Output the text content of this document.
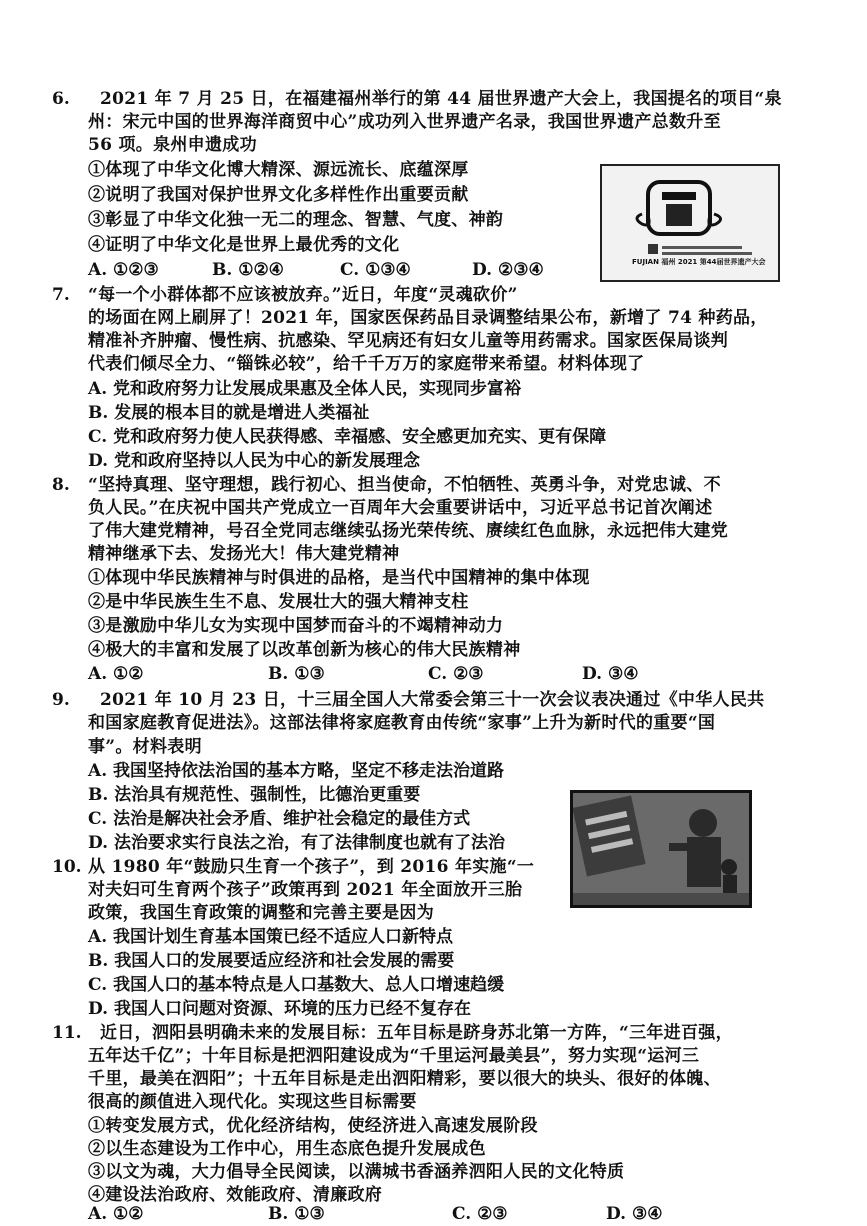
6. 2021 年 7 月 25 日，在福建福州举行的第 44 届世界遗产大会上，我国提名的项目“泉
州：宋元中国的世界海洋商贸中心”成功列入世界遗产名录，我国世界遗产总数升至
56 项。泉州申遗成功
①体现了中华文化博大精深、源远流长、底蕴深厚
②说明了我国对保护世界文化多样性作出重要贡献
③彰显了中华文化独一无二的理念、智慧、气度、神韵
④证明了中华文化是世界上最优秀的文化
A. ①②③	B. ①②④	C. ①③④	D. ②③④	FUJIAN 福州 2021 第44届世界遗产大会
7. “每一个小群体都不应该被放弃。”近日，年度“灵魂砍价”
的场面在网上刷屏了！2021 年，国家医保药品目录调整结果公布，新增了 74 种药品，
精准补齐肿瘤、慢性病、抗感染、罕见病还有妇女儿童等用药需求。国家医保局谈判
代表们倾尽全力、“锱铢必较”，给千千万万的家庭带来希望。材料体现了
A. 党和政府努力让发展成果惠及全体人民，实现同步富裕
B. 发展的根本目的就是增进人类福祉
C. 党和政府努力使人民获得感、幸福感、安全感更加充实、更有保障
D. 党和政府坚持以人民为中心的新发展理念
8. “坚持真理、坚守理想，践行初心、担当使命，不怕牺牲、英勇斗争，对党忠诚、不
负人民。”在庆祝中国共产党成立一百周年大会重要讲话中，习近平总书记首次阐述
了伟大建党精神，号召全党同志继续弘扬光荣传统、赓续红色血脉，永远把伟大建党
精神继承下去、发扬光大！伟大建党精神
①体现中华民族精神与时俱进的品格，是当代中国精神的集中体现
②是中华民族生生不息、发展壮大的强大精神支柱
③是激励中华儿女为实现中国梦而奋斗的不竭精神动力
④极大的丰富和发展了以改革创新为核心的伟大民族精神
A. ①②	B. ①③	C. ②③	D. ③④
9. 2021 年 10 月 23 日，十三届全国人大常委会第三十一次会议表决通过《中华人民共
和国家庭教育促进法》。这部法律将家庭教育由传统“家事”上升为新时代的重要“国
事”。材料表明
A. 我国坚持依法治国的基本方略，坚定不移走法治道路
B. 法治具有规范性、强制性，比德治更重要
C. 法治是解决社会矛盾、维护社会稳定的最佳方式
D. 法治要求实行良法之治，有了法律制度也就有了法治
10. 从 1980 年“鼓励只生育一个孩子”，到 2016 年实施“一
对夫妇可生育两个孩子”政策再到 2021 年全面放开三胎
政策，我国生育政策的调整和完善主要是因为
A. 我国计划生育基本国策已经不适应人口新特点
B. 我国人口的发展要适应经济和社会发展的需要
C. 我国人口的基本特点是人口基数大、总人口增速趋缓
D. 我国人口问题对资源、环境的压力已经不复存在
11. 近日，泗阳县明确未来的发展目标：五年目标是跻身苏北第一方阵，“三年进百强，
五年达千亿”；十年目标是把泗阳建设成为“千里运河最美县”，努力实现“运河三
千里，最美在泗阳”；十五年目标是走出泗阳精彩，要以很大的块头、很好的体魄、
很高的颜值进入现代化。实现这些目标需要
①转变发展方式，优化经济结构，使经济进入高速发展阶段
②以生态建设为工作中心，用生态底色提升发展成色
③以文为魂，大力倡导全民阅读，以满城书香涵养泗阳人民的文化特质
④建设法治政府、效能政府、清廉政府
A. ①②	B. ①③	C. ②③	D. ③④
